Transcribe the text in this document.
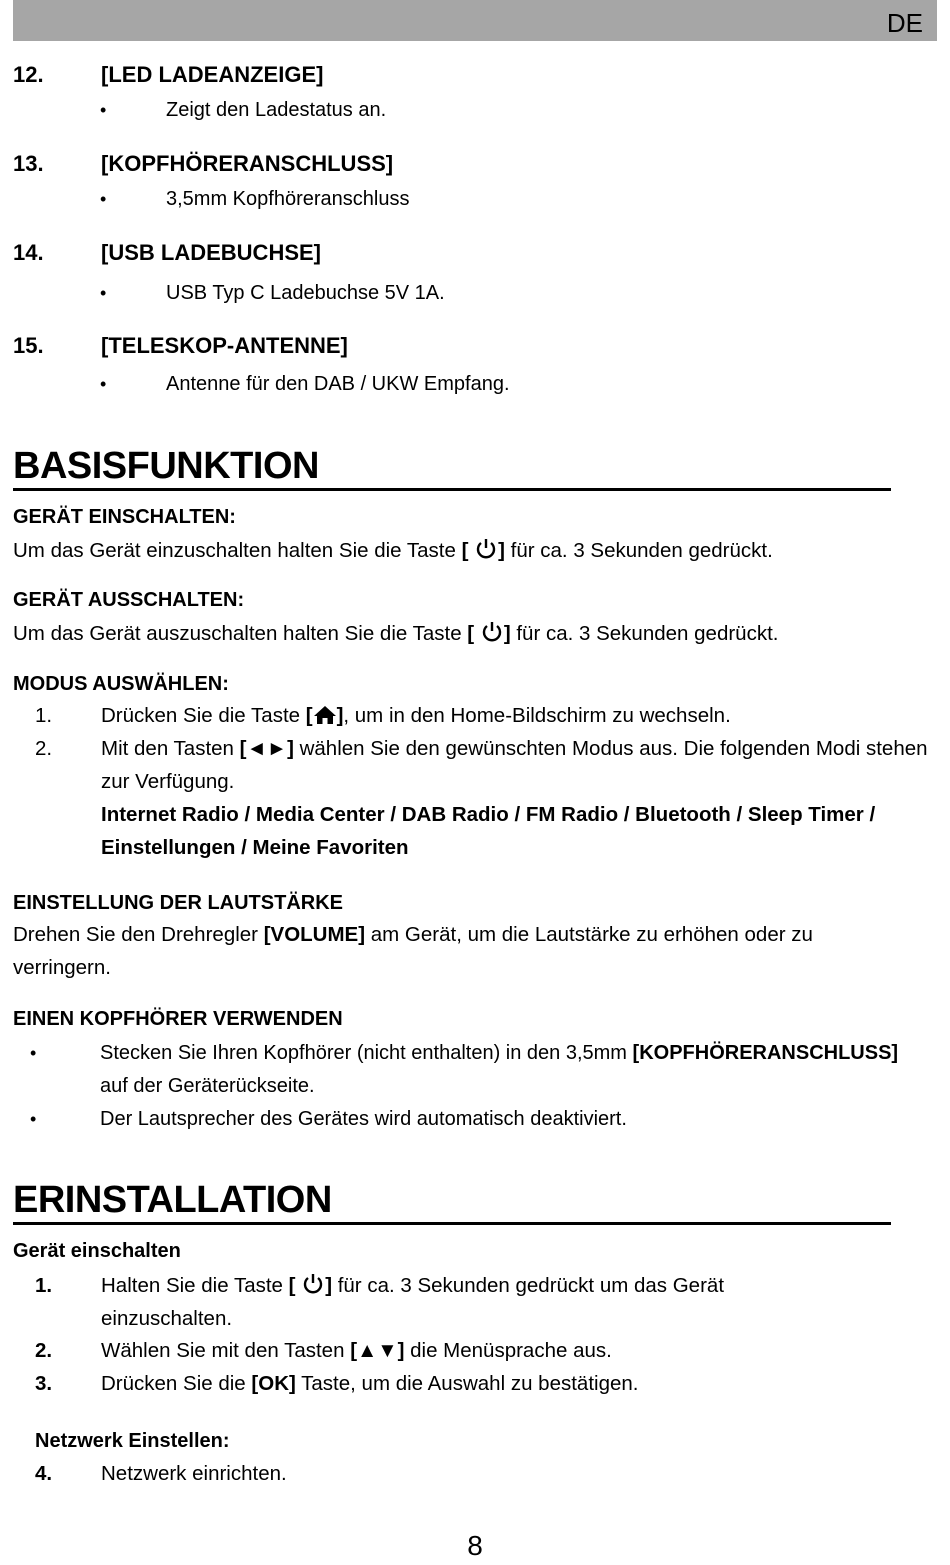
DE
12.	[LED LADEANZEIGE]
•	Zeigt den Ladestatus an.
13.	[KOPFHÖRERANSCHLUSS]
•	3,5mm Kopfhöreranschluss
14.	[USB LADEBUCHSE]
•	USB Typ C Ladebuchse 5V 1A.
15.	[TELESKOP-ANTENNE]
•	Antenne für den DAB / UKW Empfang.
BASISFUNKTION
GERÄT EINSCHALTEN:
Um das Gerät einzuschalten halten Sie die Taste [ ] für ca. 3 Sekunden gedrückt.
GERÄT AUSSCHALTEN:
Um das Gerät auszuschalten halten Sie die Taste [ ] für ca. 3 Sekunden gedrückt.
MODUS AUSWÄHLEN:
1. Drücken Sie die Taste [ ], um in den Home-Bildschirm zu wechseln.
2. Mit den Tasten [◄►] wählen Sie den gewünschten Modus aus. Die folgenden Modi stehen zur Verfügung.
Internet Radio / Media Center / DAB Radio / FM Radio / Bluetooth / Sleep Timer / Einstellungen / Meine Favoriten
EINSTELLUNG DER LAUTSTÄRKE
Drehen Sie den Drehregler [VOLUME] am Gerät, um die Lautstärke zu erhöhen oder zu verringern.
EINEN KOPFHÖRER VERWENDEN
•	Stecken Sie Ihren Kopfhörer (nicht enthalten) in den 3,5mm [KOPFHÖRERANSCHLUSS] auf der Geräterückseite.
•	Der Lautsprecher des Gerätes wird automatisch deaktiviert.
ERINSTALLATION
Gerät einschalten
1. Halten Sie die Taste [ ] für ca. 3 Sekunden gedrückt um das Gerät einzuschalten.
2. Wählen Sie mit den Tasten [▲▼] die Menüsprache aus.
3. Drücken Sie die [OK] Taste, um die Auswahl zu bestätigen.
Netzwerk Einstellen:
4. Netzwerk einrichten.
8
